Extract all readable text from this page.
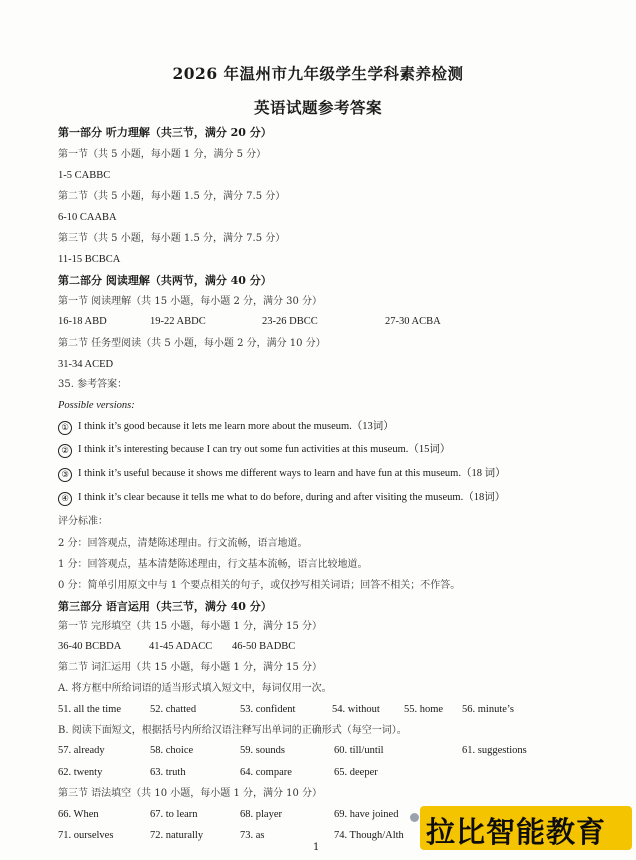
2026 年温州市九年级学生学科素养检测
英语试题参考答案
第一部分 听力理解（共三节，满分 20 分）
第一节（共 5 小题，每小题 1 分，满分 5 分）
1-5 CABBC
第二节（共 5 小题，每小题 1.5 分，满分 7.5 分）
6-10 CAABA
第三节（共 5 小题，每小题 1.5 分，满分 7.5 分）
11-15 BCBCA
第二部分 阅读理解（共两节，满分 40 分）
第一节 阅读理解（共 15 小题，每小题 2 分，满分 30 分）
16-18 ABD	19-22 ABDC	23-26 DBCC	27-30 ACBA
第二节 任务型阅读（共 5 小题，每小题 2 分，满分 10 分）
31-34 ACED
35. 参考答案：
Possible versions:
① I think it’s good because it lets me learn more about the museum.（13词）
② I think it’s interesting because I can try out some fun activities at this museum.（15词）
③ I think it’s useful because it shows me different ways to learn and have fun at this museum.（18 词）
④ I think it’s clear because it tells me what to do before, during and after visiting the museum.（18词）
评分标准：
2 分：回答观点，清楚陈述理由。行文流畅，语言地道。
1 分：回答观点，基本清楚陈述理由，行文基本流畅，语言比较地道。
0 分：简单引用原文中与 1 个要点相关的句子，或仅抄写相关词语；回答不相关；不作答。
第三部分 语言运用（共三节，满分 40 分）
第一节 完形填空（共 15 小题，每小题 1 分，满分 15 分）
36-40 BCBDA	41-45 ADACC 46-50 BADBC
第二节 词汇运用（共 15 小题，每小题 1 分，满分 15 分）
A. 将方框中所给词语的适当形式填入短文中，每词仅用一次。
51. all the time	52. chatted	53. confident	54. without 55. home 56. minute’s
B. 阅读下面短文，根据括号内所给汉语注释写出单词的正确形式（每空一词）。
57. already	58. choice	59. sounds	60. till/until	61. suggestions
62. twenty	63. truth	64. compare	65. deeper
第三节 语法填空（共 10 小题，每小题 1 分，满分 10 分）
66. When	67. to learn	68. player	69. have joined
71. ourselves	72. naturally	73. as	74. Though/Alth
1	拉比智能教育
